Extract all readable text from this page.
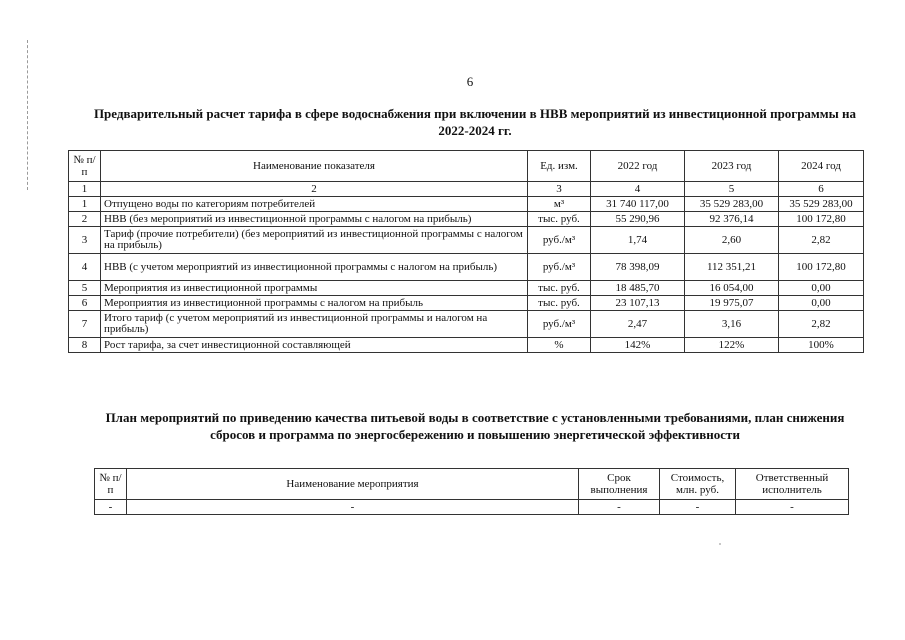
6
Предварительный расчет тарифа в сфере водоснабжения при включении в НВВ мероприятий из инвестиционной программы на 2022-2024 гг.
№ п/п	Наименование показателя	Ед. изм.	2022 год	2023 год	2024 год
1	2	3	4	5	6
1	Отпущено воды по категориям потребителей	м³	31 740 117,00	35 529 283,00	35 529 283,00
2	НВВ (без мероприятий из инвестиционной программы с налогом на прибыль)	тыс. руб.	55 290,96	92 376,14	100 172,80
3	Тариф (прочие потребители) (без мероприятий из инвестиционной программы с налогом на прибыль)	руб./м³	1,74	2,60	2,82
4	НВВ (с учетом мероприятий из инвестиционной программы с налогом на прибыль)	руб./м³	78 398,09	112 351,21	100 172,80
5	Мероприятия из инвестиционной программы	тыс. руб.	18 485,70	16 054,00	0,00
6	Мероприятия из инвестиционной программы с налогом на прибыль	тыс. руб.	23 107,13	19 975,07	0,00
7	Итого тариф (с учетом мероприятий из инвестиционной программы и налогом на прибыль)	руб./м³	2,47	3,16	2,82
8	Рост тарифа, за счет инвестиционной составляющей	%	142%	122%	100%
План мероприятий по приведению качества питьевой воды в соответствие с установленными требованиями, план снижения сбросов и программа по энергосбережению и повышению энергетической эффективности
№ п/п	Наименование мероприятия	Срок выполнения	Стоимость, млн. руб.	Ответственный исполнитель
-	-	-	-	-
